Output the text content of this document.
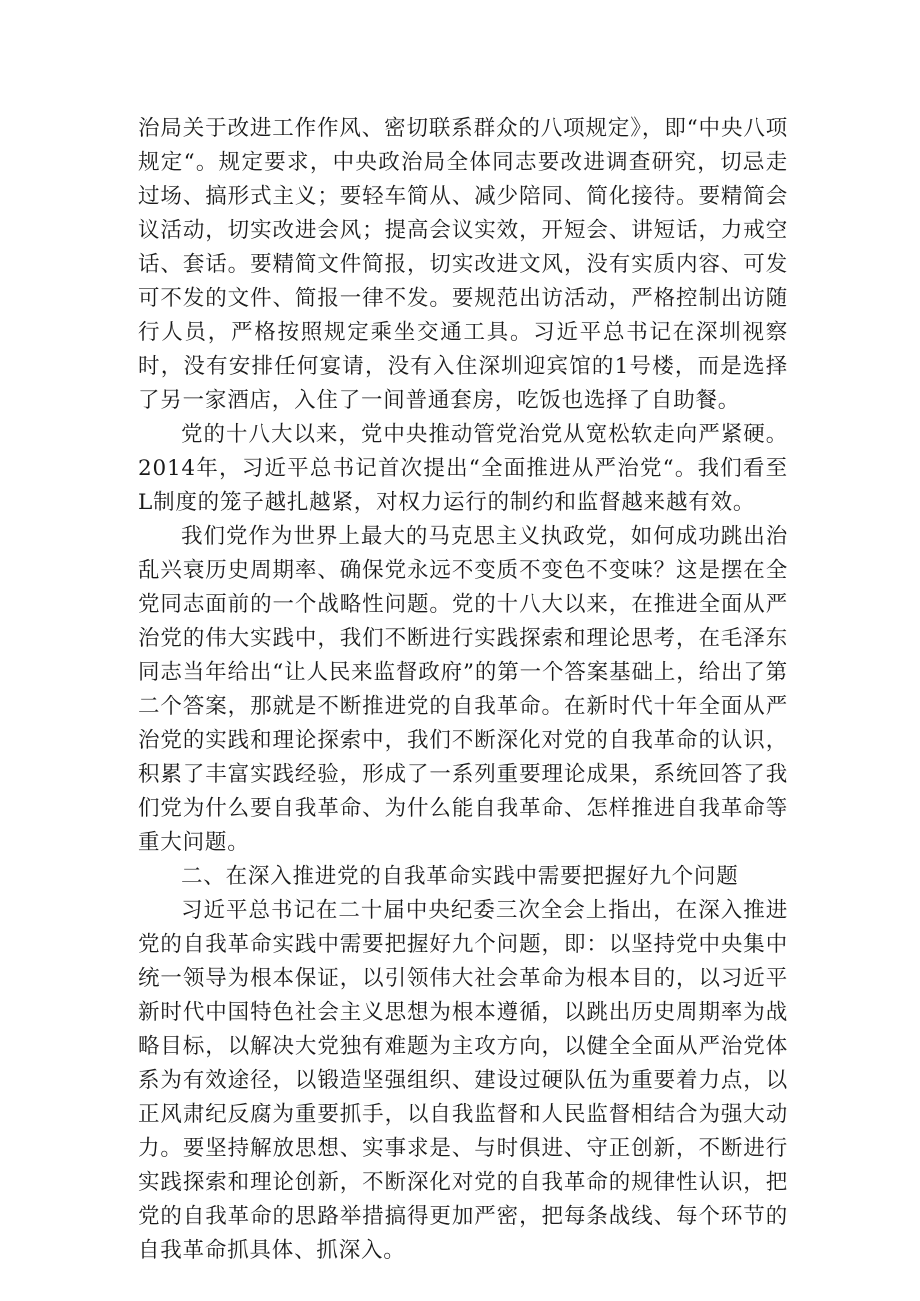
治局关于改进工作作风、密切联系群众的八项规定》，即“中央八项规定“。规定要求，中央政治局全体同志要改进调查研究，切忌走过场、搞形式主义；要轻车简从、减少陪同、简化接待。要精简会议活动，切实改进会风；提高会议实效，开短会、讲短话，力戒空话、套话。要精简文件简报，切实改进文风，没有实质内容、可发可不发的文件、简报一律不发。要规范出访活动，严格控制出访随行人员，严格按照规定乘坐交通工具。习近平总书记在深圳视察时，没有安排任何宴请，没有入住深圳迎宾馆的1号楼，而是选择了另一家酒店，入住了一间普通套房，吃饭也选择了自助餐。

党的十八大以来，党中央推动管党治党从宽松软走向严紧硬。2014年，习近平总书记首次提出“全面推进从严治党“。我们看至L制度的笼子越扎越紧，对权力运行的制约和监督越来越有效。

我们党作为世界上最大的马克思主义执政党，如何成功跳出治乱兴衰历史周期率、确保党永远不变质不变色不变味？这是摆在全党同志面前的一个战略性问题。党的十八大以来，在推进全面从严治党的伟大实践中，我们不断进行实践探索和理论思考，在毛泽东同志当年给出“让人民来监督政府”的第一个答案基础上，给出了第二个答案，那就是不断推进党的自我革命。在新时代十年全面从严治党的实践和理论探索中，我们不断深化对党的自我革命的认识，积累了丰富实践经验，形成了一系列重要理论成果，系统回答了我们党为什么要自我革命、为什么能自我革命、怎样推进自我革命等重大问题。

二、在深入推进党的自我革命实践中需要把握好九个问题

习近平总书记在二十届中央纪委三次全会上指出，在深入推进党的自我革命实践中需要把握好九个问题，即：以坚持党中央集中统一领导为根本保证，以引领伟大社会革命为根本目的，以习近平新时代中国特色社会主义思想为根本遵循，以跳出历史周期率为战略目标，以解决大党独有难题为主攻方向，以健全全面从严治党体系为有效途径，以锻造坚强组织、建设过硬队伍为重要着力点，以正风肃纪反腐为重要抓手，以自我监督和人民监督相结合为强大动力。要坚持解放思想、实事求是、与时俱进、守正创新，不断进行实践探索和理论创新，不断深化对党的自我革命的规律性认识，把党的自我革命的思路举措搞得更加严密，把每条战线、每个环节的自我革命抓具体、抓深入。
